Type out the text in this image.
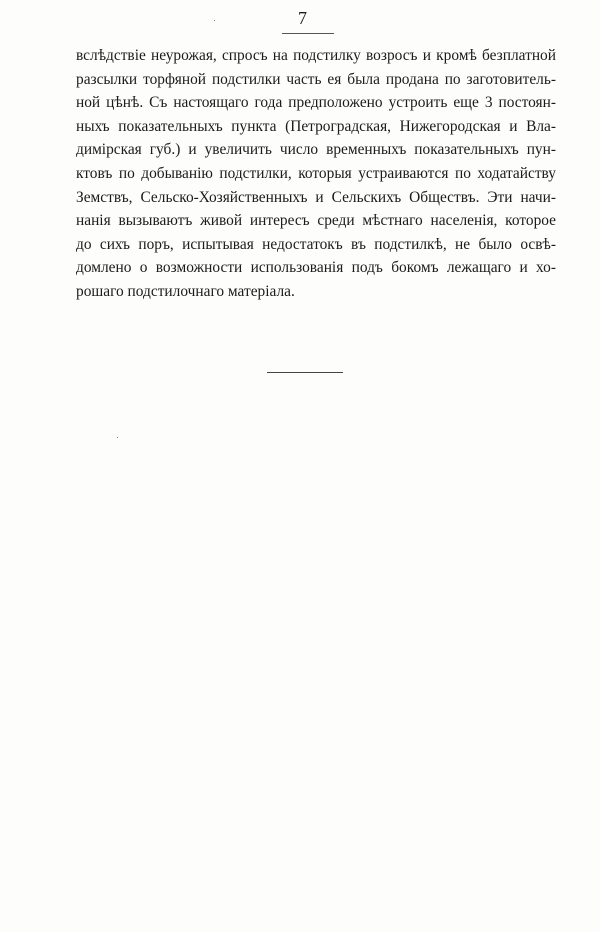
7

вслѣдствіе неурожая, спросъ на подстилку возросъ и кромѣ безплатной
разсылки торфяной подстилки часть ея была продана по заготовитель-
ной цѣнѣ. Съ настоящаго года предположено устроить еще 3 постоян-
ныхъ показательныхъ пункта (Петроградская, Нижегородская и Вла-
димірская губ.) и увеличить число временныхъ показательныхъ пун-
ктовъ по добыванію подстилки, которыя устраиваются по ходатайству
Земствъ, Сельско-Хозяйственныхъ и Сельскихъ Обществъ. Эти начи-
нанія вызываютъ живой интересъ среди мѣстнаго населенія, которое
до сихъ поръ, испытывая недостатокъ въ подстилкѣ, не было освѣ-
домлено о возможности использованія подъ бокомъ лежащаго и хо-
рошаго подстилочнаго матеріала.
